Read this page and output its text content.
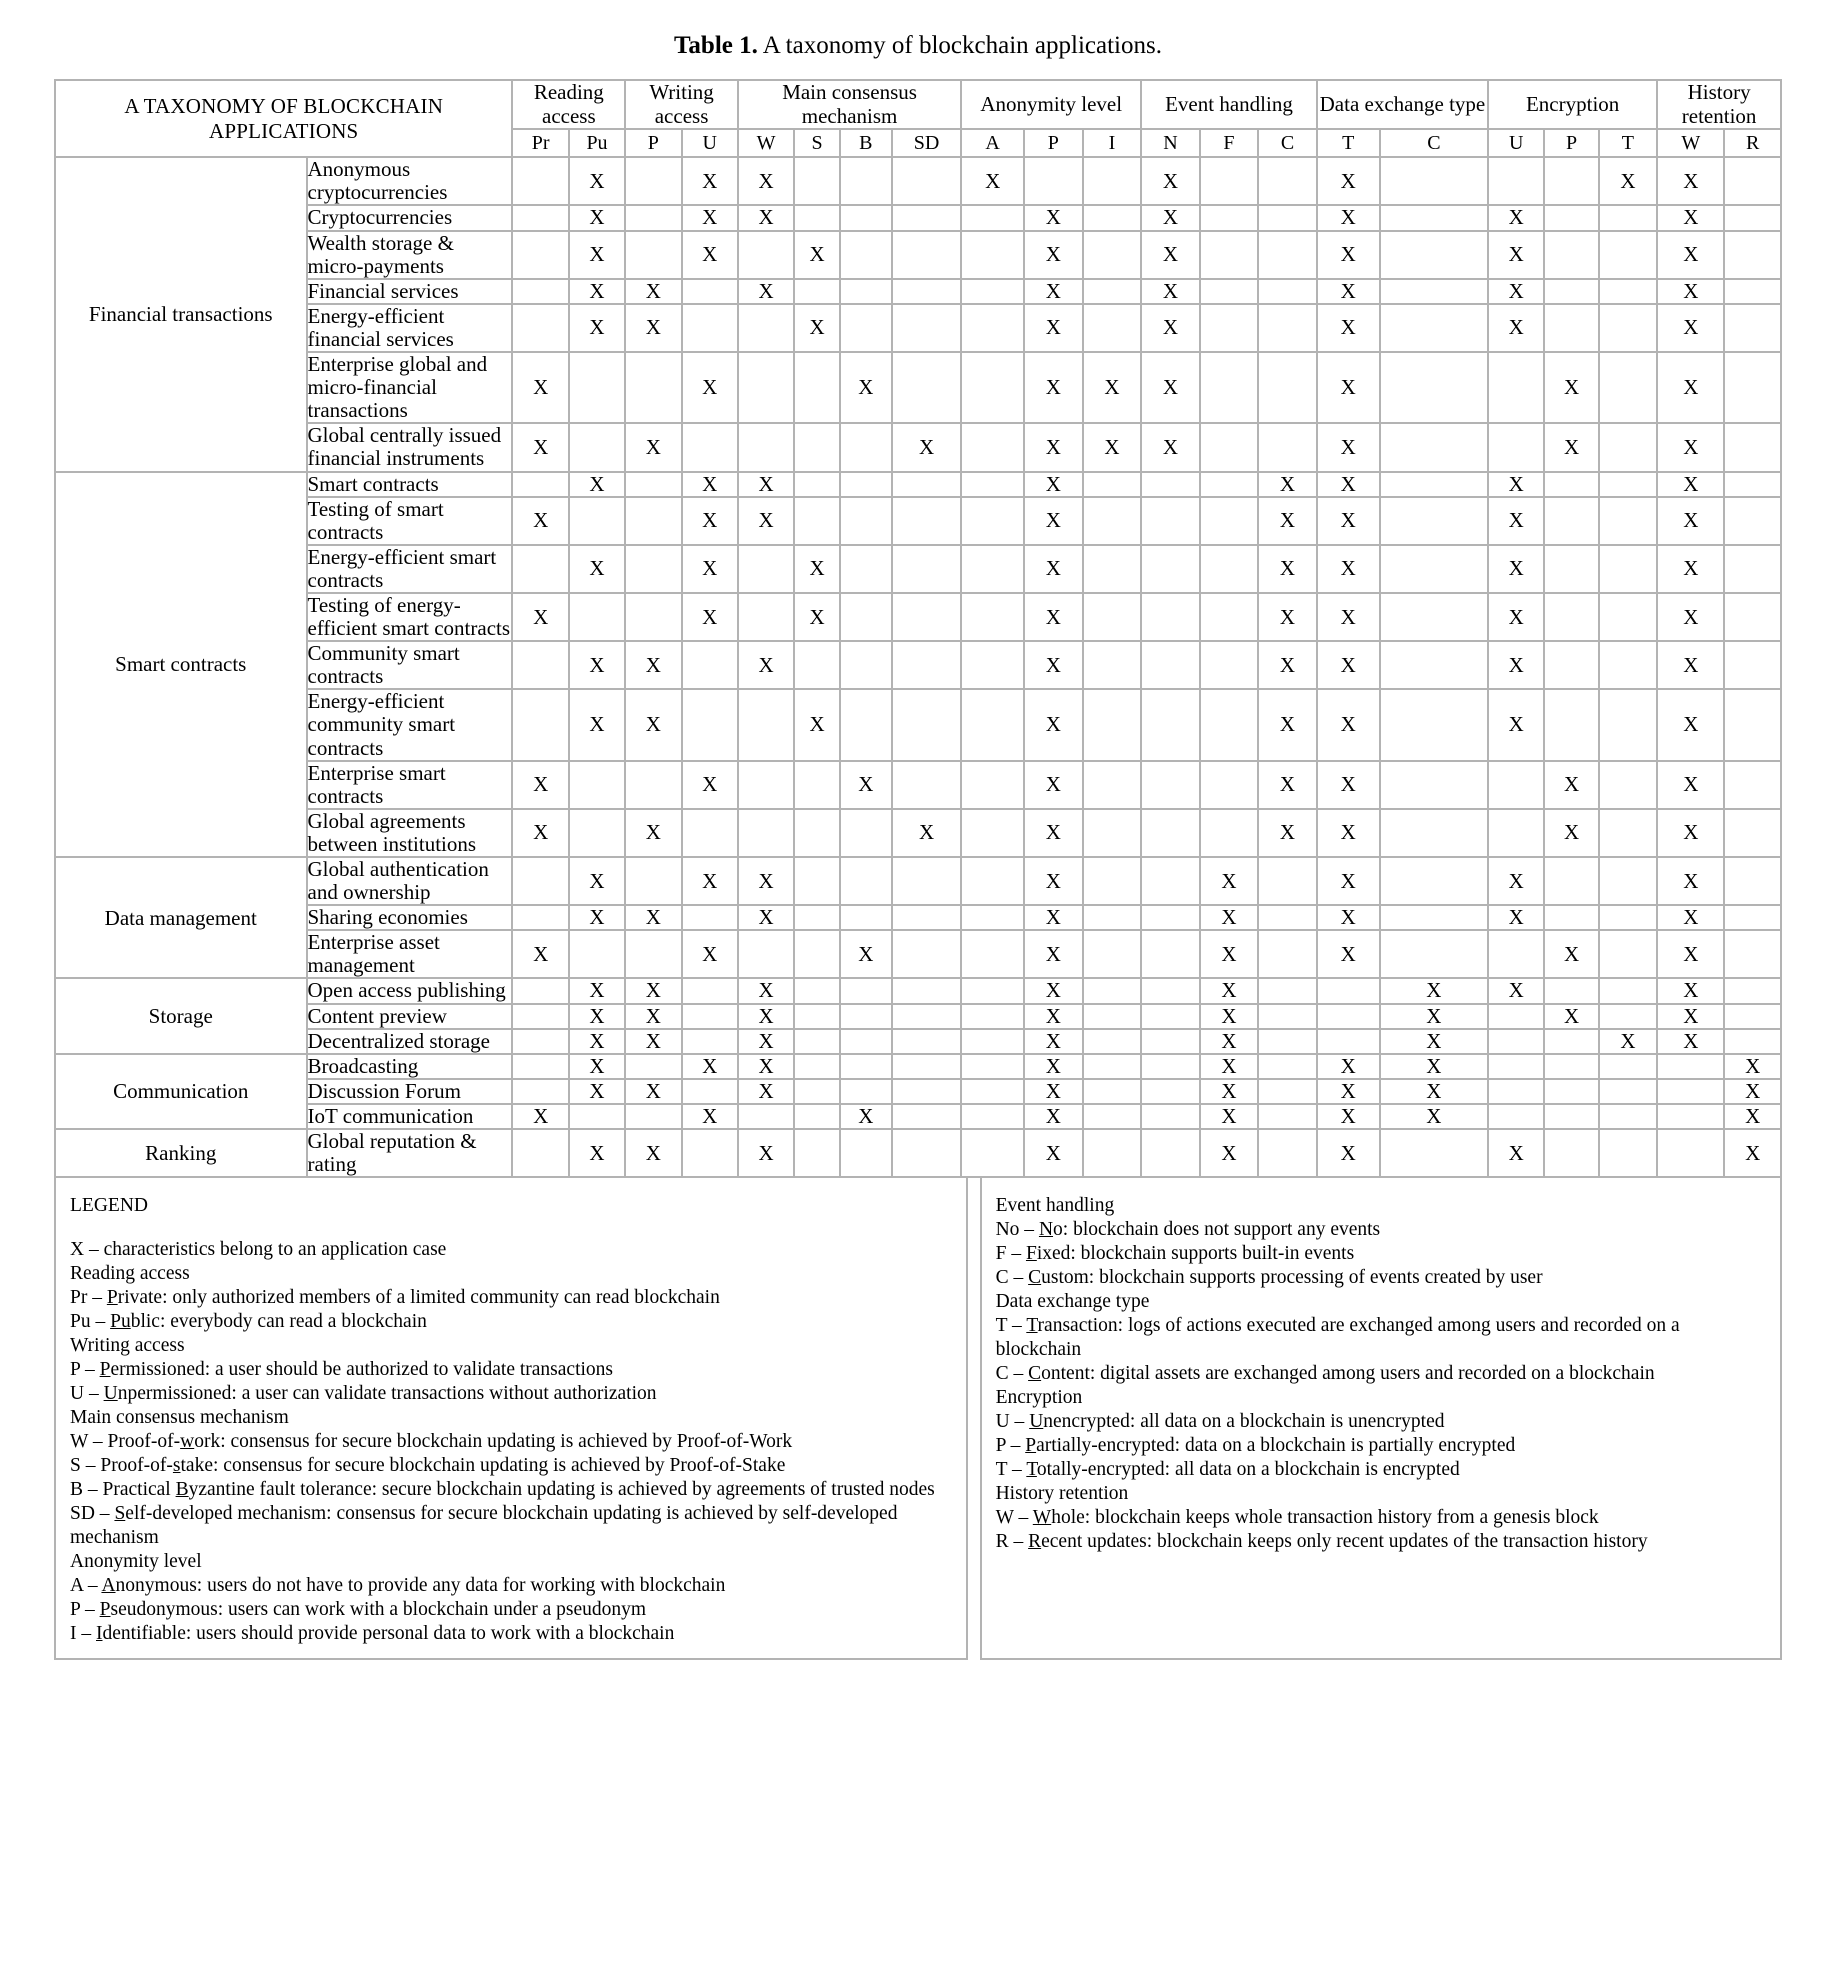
Table 1. A taxonomy of blockchain applications.
A TAXONOMY OF BLOCKCHAIN APPLICATIONS		Reading access		Writing access		Main consensus mechanism				Anonymity level			Event handling			Data exchange type		Encryption			History retention	
		Pr	Pu	P	U	W	S	B	SD	A	P	I	N	F	C	T	C	U	P	T	W	R
Financial transactions	Anonymous cryptocurrencies		X		X	X				X			X			X				X	X	
	Cryptocurrencies		X		X	X					X		X			X		X			X	
	Wealth storage & micro-payments		X		X		X				X		X			X		X			X	
	Financial services		X	X		X					X		X			X		X			X	
	Energy-efficient financial services		X	X			X				X		X			X		X			X	
	Enterprise global and micro-financial transactions	X			X			X			X	X	X			X			X		X	
	Global centrally issued financial instruments	X		X					X		X	X	X			X			X		X	
Smart contracts	Smart contracts		X		X	X					X				X	X		X			X	
	Testing of smart contracts	X			X	X					X				X	X		X			X	
	Energy-efficient smart contracts		X		X		X				X				X	X		X			X	
	Testing of energy-efficient smart contracts	X			X		X				X				X	X		X			X	
	Community smart contracts		X	X		X					X				X	X		X			X	
	Energy-efficient community smart contracts		X	X			X				X				X	X		X			X	
	Enterprise smart contracts	X			X			X			X				X	X			X		X	
	Global agreements between institutions	X		X					X		X				X	X			X		X	
Data management	Global authentication and ownership		X		X	X					X			X		X		X			X	
	Sharing economies		X	X		X					X			X		X		X			X	
	Enterprise asset management	X			X			X			X			X		X			X		X	
Storage	Open access publishing		X	X		X					X			X			X	X			X	
	Content preview		X	X		X					X			X			X		X		X	
	Decentralized storage		X	X		X					X			X			X			X	X	
Communication	Broadcasting		X		X	X					X			X		X	X					X
	Discussion Forum		X	X		X					X			X		X	X					X
	IoT communication	X			X			X			X			X		X	X					X
Ranking	Global reputation & rating		X	X		X					X			X		X		X				X
LEGEND
X – characteristics belong to an application case
Reading access
Pr – Private: only authorized members of a limited community can read blockchain
Pu – Public: everybody can read a blockchain
Writing access
P – Permissioned: a user should be authorized to validate transactions
U – Unpermissioned: a user can validate transactions without authorization
Main consensus mechanism
W – Proof-of-work: consensus for secure blockchain updating is achieved by Proof-of-Work
S – Proof-of-stake: consensus for secure blockchain updating is achieved by Proof-of-Stake
B – Practical Byzantine fault tolerance: secure blockchain updating is achieved by agreements of trusted nodes
SD – Self-developed mechanism: consensus for secure blockchain updating is achieved by self-developed mechanism
Anonymity level
A – Anonymous: users do not have to provide any data for working with blockchain
P – Pseudonymous: users can work with a blockchain under a pseudonym
I – Identifiable: users should provide personal data to work with a blockchain
Event handling
No – No: blockchain does not support any events
F – Fixed: blockchain supports built-in events
C – Custom: blockchain supports processing of events created by user
Data exchange type
T – Transaction: logs of actions executed are exchanged among users and recorded on a blockchain
C – Content: digital assets are exchanged among users and recorded on a blockchain
Encryption
U – Unencrypted: all data on a blockchain is unencrypted
P – Partially-encrypted: data on a blockchain is partially encrypted
T – Totally-encrypted: all data on a blockchain is encrypted
History retention
W – Whole: blockchain keeps whole transaction history from a genesis block
R – Recent updates: blockchain keeps only recent updates of the transaction history
